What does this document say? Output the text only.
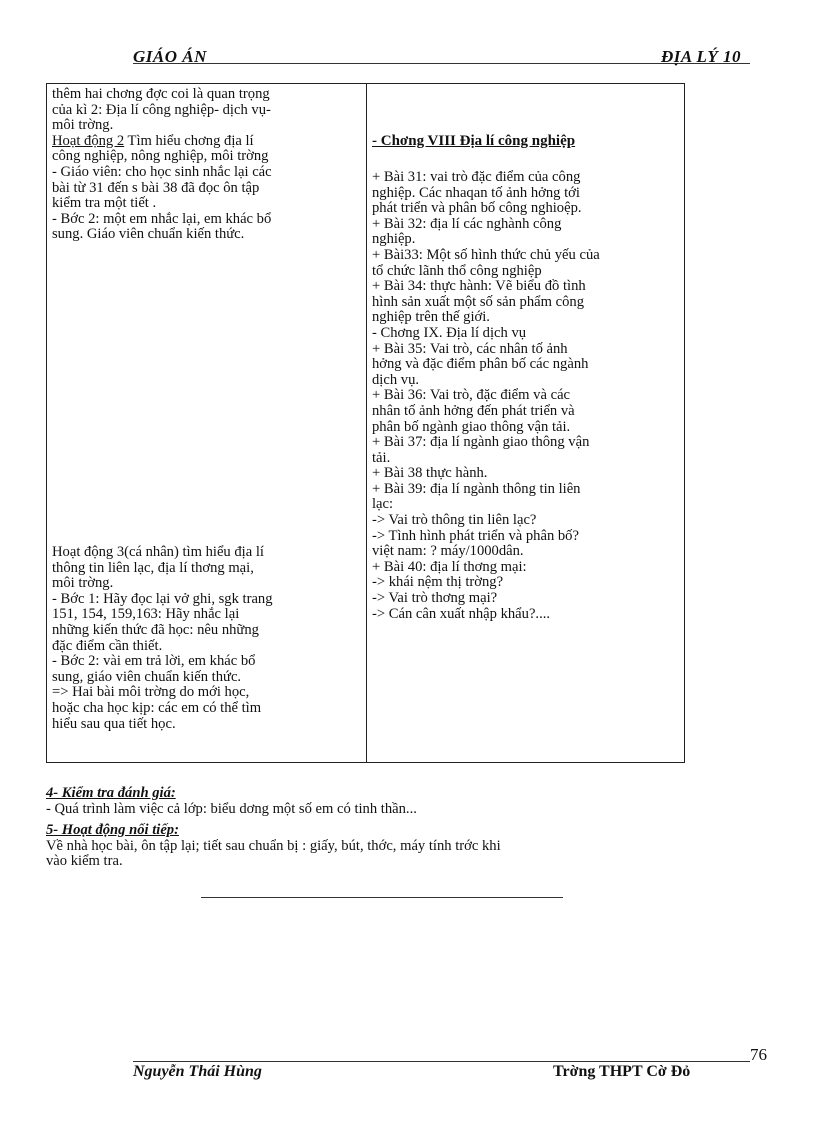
GIÁO ÁN	ĐỊA LÝ 10

thêm hai chơng đợc coi là quan trọng

của kì 2: Địa lí công nghiệp- dịch vụ-

môi trờng.

Hoạt động 2 Tìm hiểu chơng địa lí

công nghiệp, nông nghiệp, môi trờng

- Giáo viên: cho học sinh nhắc lại các

bài từ 31 đến s bài 38 đã đọc ôn tập

kiểm tra một tiết .

- Bớc 2: một em nhắc lại, em khác bổ

sung. Giáo viên chuẩn kiến thức.

Hoạt động 3(cá nhân) tìm hiểu địa lí

thông tin liên lạc, địa lí thơng mại,

môi trờng.

- Bớc 1: Hãy đọc lại vở ghi, sgk trang

151, 154, 159,163: Hãy nhắc lại

những kiến thức đã học: nêu những

đặc điểm cần thiết.

- Bớc 2: vài em trả lời, em khác bổ

sung, giáo viên chuẩn kiến thức.

=> Hai bài môi trờng do mới học,

hoặc cha học kịp: các em có thể tìm

hiểu sau qua tiết học.

- Chơng VIII Địa lí công nghiệp

+ Bài 31: vai trò đặc điểm của công

nghiệp. Các nhaqan tố ảnh hởng tới

phát triển và phân bố công nghioệp.

+ Bài 32: địa lí các nghành công

nghiệp.

+ Bài33: Một số hình thức chủ yếu của

tổ chức lãnh thổ công nghiệp

+ Bài 34: thực hành: Vẽ biểu đồ tình

hình sản xuất một số sản phẩm công

nghiệp trên thế giới.

- Chơng IX. Địa lí dịch vụ

+ Bài 35: Vai trò, các nhân tố ảnh

hởng và đặc điểm phân bố các ngành

dịch vụ.

+ Bài 36: Vai trò, đặc điểm và các

nhân tố ảnh hởng đến phát triển và

phân bố ngành giao thông vận tải.

+ Bài 37: địa lí ngành giao thông vận

tải.

+ Bài 38 thực hành.

+ Bài 39: địa lí ngành thông tin liên

lạc:

-> Vai trò thông tin liên lạc?

-> Tình hình phát triển và phân bố?

việt nam: ? máy/1000dân.

+ Bài 40: địa lí thơng mại:

-> khái nệm thị trờng?

-> Vai trò thơng mại?

-> Cán cân xuất nhập khẩu?....

4- Kiểm tra đánh giá:

- Quá trình làm việc cả lớp: biểu dơng một số em có tinh thần...

5- Hoạt động nối tiếp:

Về nhà học bài, ôn tập lại; tiết sau chuẩn bị : giấy, bút, thớc, máy tính trớc khi

vào kiểm tra.

76
Nguyễn Thái Hùng	Trờng THPT Cờ Đỏ
